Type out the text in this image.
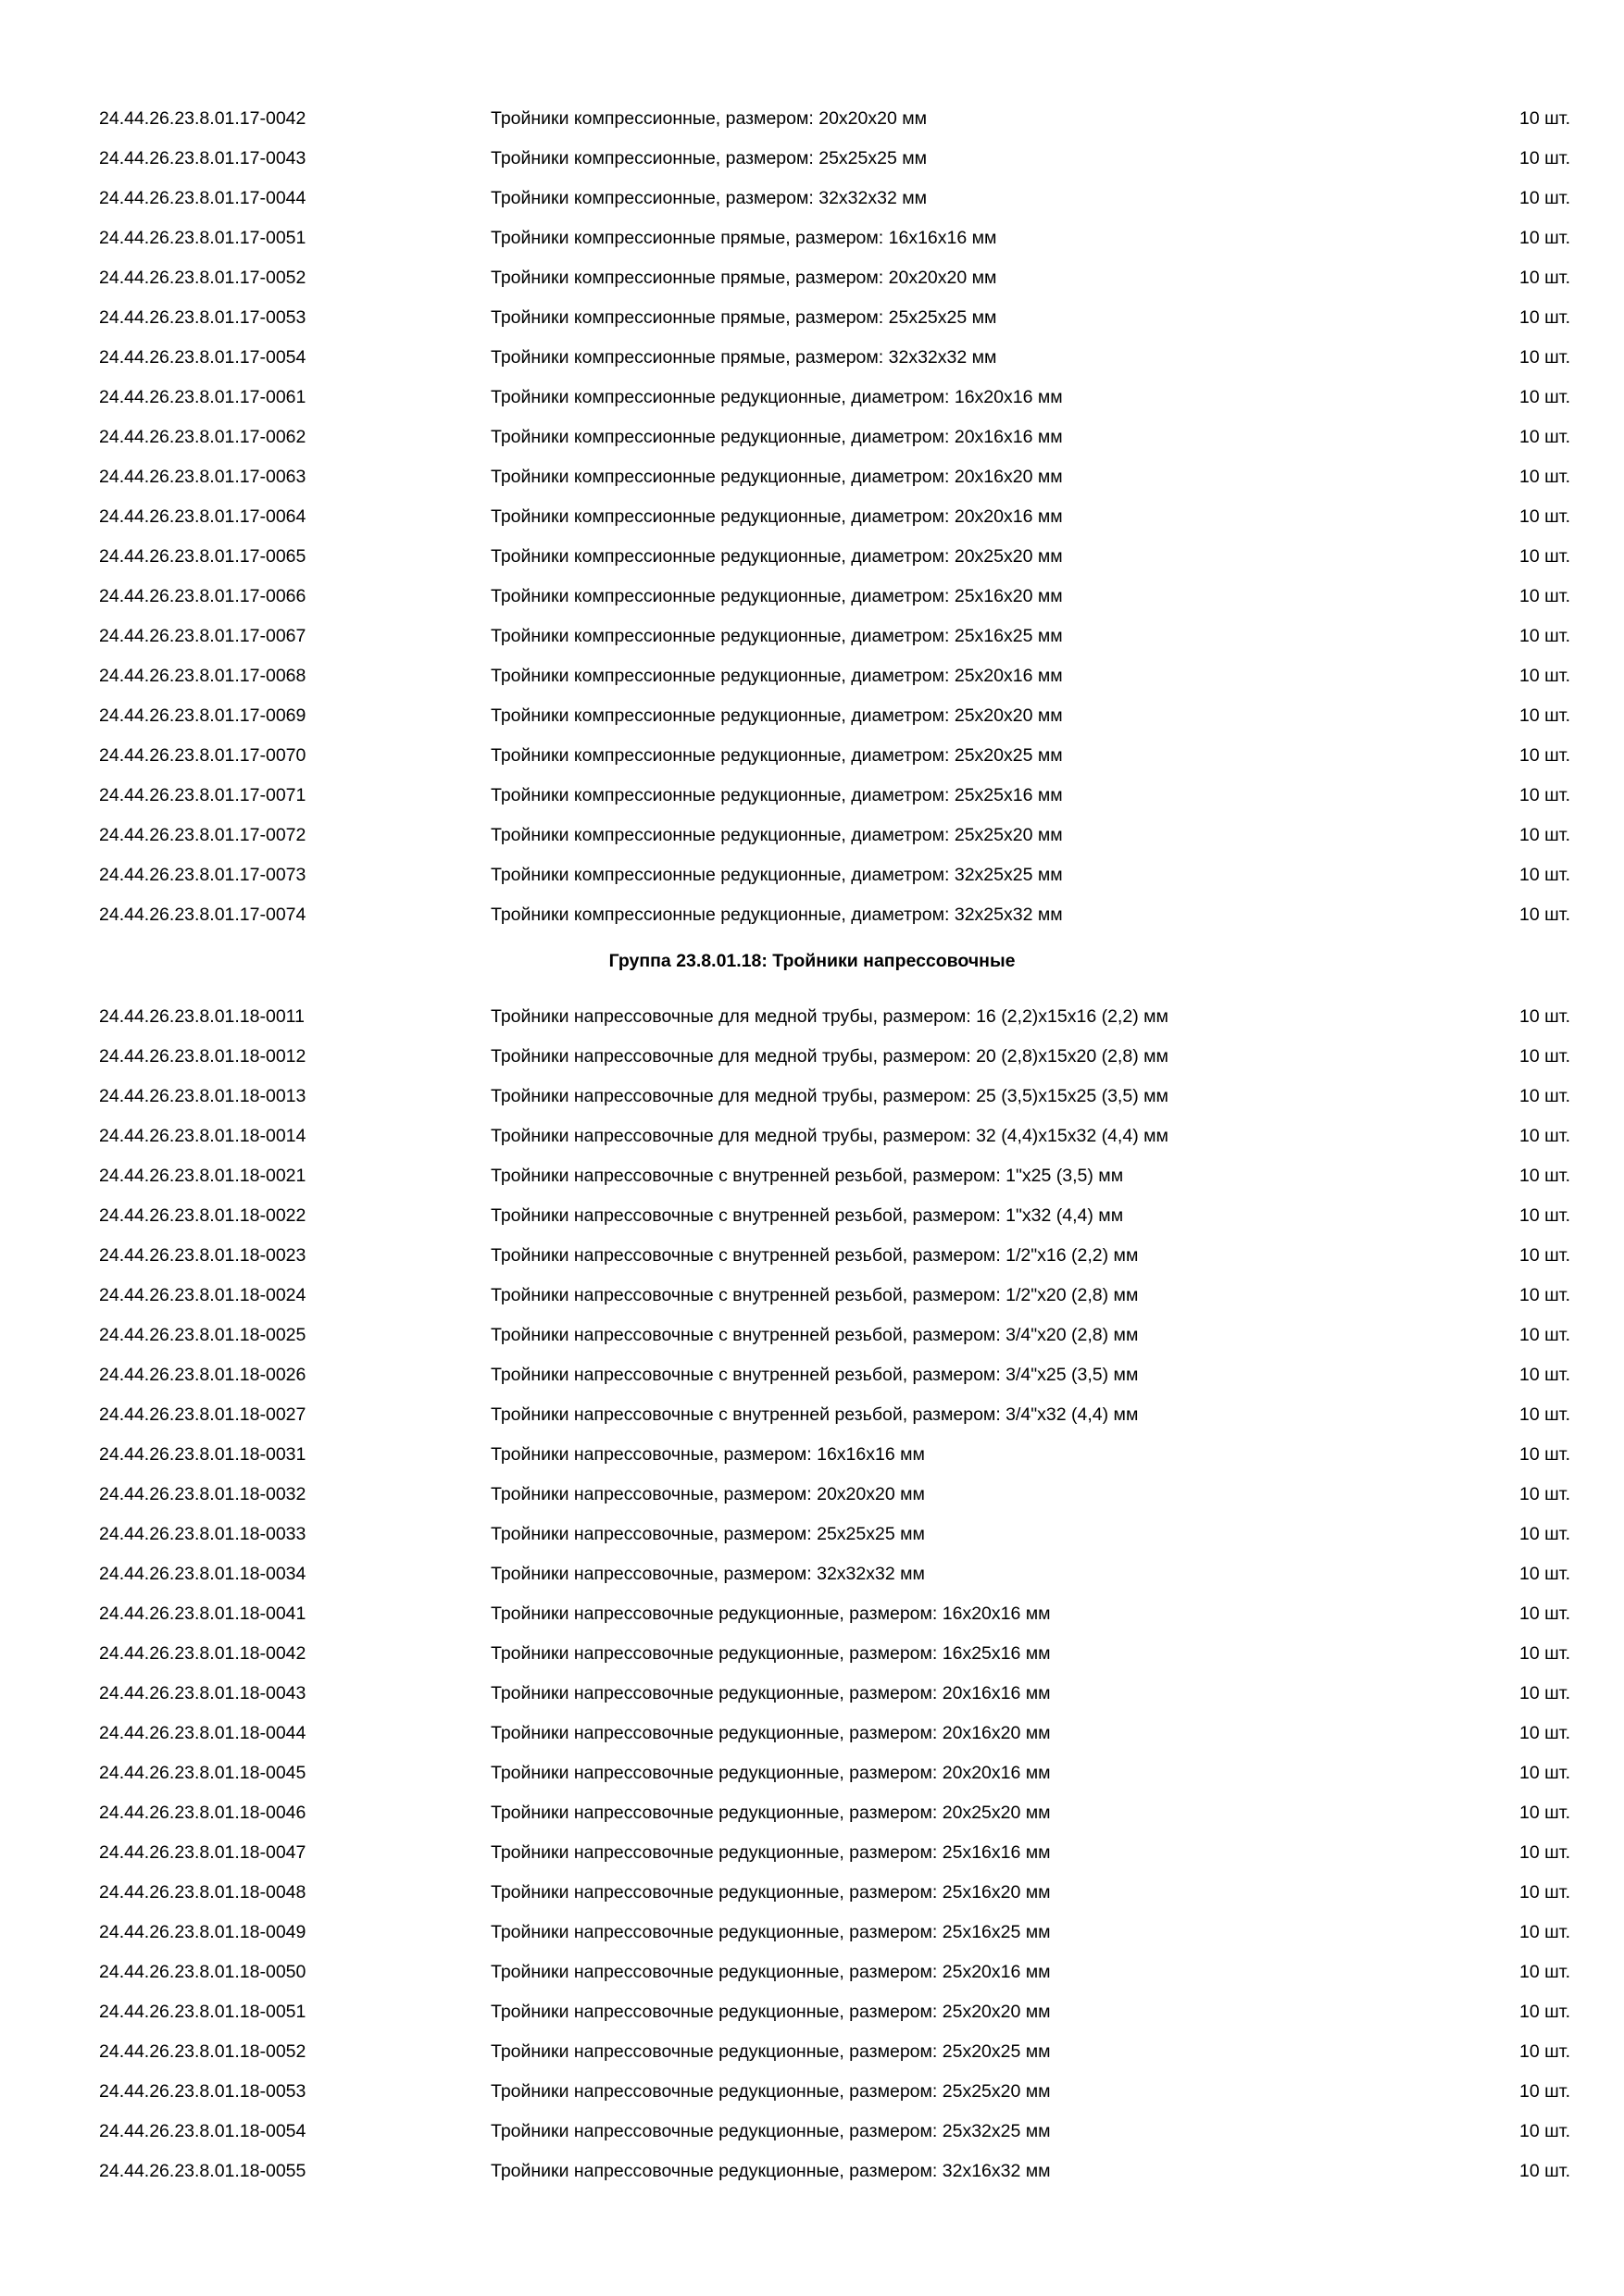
24.44.26.23.8.01.17-0042	Тройники компрессионные, размером: 20х20х20 мм	10 шт.
24.44.26.23.8.01.17-0043	Тройники компрессионные, размером: 25х25х25 мм	10 шт.
24.44.26.23.8.01.17-0044	Тройники компрессионные, размером: 32х32х32 мм	10 шт.
24.44.26.23.8.01.17-0051	Тройники компрессионные прямые, размером: 16х16х16 мм	10 шт.
24.44.26.23.8.01.17-0052	Тройники компрессионные прямые, размером: 20х20х20 мм	10 шт.
24.44.26.23.8.01.17-0053	Тройники компрессионные прямые, размером: 25х25х25 мм	10 шт.
24.44.26.23.8.01.17-0054	Тройники компрессионные прямые, размером: 32х32х32 мм	10 шт.
24.44.26.23.8.01.17-0061	Тройники компрессионные редукционные, диаметром: 16х20х16 мм	10 шт.
24.44.26.23.8.01.17-0062	Тройники компрессионные редукционные, диаметром: 20х16х16 мм	10 шт.
24.44.26.23.8.01.17-0063	Тройники компрессионные редукционные, диаметром: 20х16х20 мм	10 шт.
24.44.26.23.8.01.17-0064	Тройники компрессионные редукционные, диаметром: 20х20х16 мм	10 шт.
24.44.26.23.8.01.17-0065	Тройники компрессионные редукционные, диаметром: 20х25х20 мм	10 шт.
24.44.26.23.8.01.17-0066	Тройники компрессионные редукционные, диаметром: 25х16х20 мм	10 шт.
24.44.26.23.8.01.17-0067	Тройники компрессионные редукционные, диаметром: 25х16х25 мм	10 шт.
24.44.26.23.8.01.17-0068	Тройники компрессионные редукционные, диаметром: 25х20х16 мм	10 шт.
24.44.26.23.8.01.17-0069	Тройники компрессионные редукционные, диаметром: 25х20х20 мм	10 шт.
24.44.26.23.8.01.17-0070	Тройники компрессионные редукционные, диаметром: 25х20х25 мм	10 шт.
24.44.26.23.8.01.17-0071	Тройники компрессионные редукционные, диаметром: 25х25х16 мм	10 шт.
24.44.26.23.8.01.17-0072	Тройники компрессионные редукционные, диаметром: 25х25х20 мм	10 шт.
24.44.26.23.8.01.17-0073	Тройники компрессионные редукционные, диаметром: 32х25х25 мм	10 шт.
24.44.26.23.8.01.17-0074	Тройники компрессионные редукционные, диаметром: 32х25х32 мм	10 шт.
Группа 23.8.01.18: Тройники напрессовочные
24.44.26.23.8.01.18-0011	Тройники напрессовочные для медной трубы, размером: 16 (2,2)х15х16 (2,2) мм	10 шт.
24.44.26.23.8.01.18-0012	Тройники напрессовочные для медной трубы, размером: 20 (2,8)х15х20 (2,8) мм	10 шт.
24.44.26.23.8.01.18-0013	Тройники напрессовочные для медной трубы, размером: 25 (3,5)х15х25 (3,5) мм	10 шт.
24.44.26.23.8.01.18-0014	Тройники напрессовочные для медной трубы, размером: 32 (4,4)х15х32 (4,4) мм	10 шт.
24.44.26.23.8.01.18-0021	Тройники напрессовочные с внутренней резьбой, размером: 1"х25 (3,5) мм	10 шт.
24.44.26.23.8.01.18-0022	Тройники напрессовочные с внутренней резьбой, размером: 1"х32 (4,4) мм	10 шт.
24.44.26.23.8.01.18-0023	Тройники напрессовочные с внутренней резьбой, размером: 1/2"х16 (2,2) мм	10 шт.
24.44.26.23.8.01.18-0024	Тройники напрессовочные с внутренней резьбой, размером: 1/2"х20 (2,8) мм	10 шт.
24.44.26.23.8.01.18-0025	Тройники напрессовочные с внутренней резьбой, размером: 3/4"х20 (2,8) мм	10 шт.
24.44.26.23.8.01.18-0026	Тройники напрессовочные с внутренней резьбой, размером: 3/4"х25 (3,5) мм	10 шт.
24.44.26.23.8.01.18-0027	Тройники напрессовочные с внутренней резьбой, размером: 3/4"х32 (4,4) мм	10 шт.
24.44.26.23.8.01.18-0031	Тройники напрессовочные, размером: 16х16х16 мм	10 шт.
24.44.26.23.8.01.18-0032	Тройники напрессовочные, размером: 20х20х20 мм	10 шт.
24.44.26.23.8.01.18-0033	Тройники напрессовочные, размером: 25х25х25 мм	10 шт.
24.44.26.23.8.01.18-0034	Тройники напрессовочные, размером: 32х32х32 мм	10 шт.
24.44.26.23.8.01.18-0041	Тройники напрессовочные редукционные, размером: 16х20х16 мм	10 шт.
24.44.26.23.8.01.18-0042	Тройники напрессовочные редукционные, размером: 16х25х16 мм	10 шт.
24.44.26.23.8.01.18-0043	Тройники напрессовочные редукционные, размером: 20х16х16 мм	10 шт.
24.44.26.23.8.01.18-0044	Тройники напрессовочные редукционные, размером: 20х16х20 мм	10 шт.
24.44.26.23.8.01.18-0045	Тройники напрессовочные редукционные, размером: 20х20х16 мм	10 шт.
24.44.26.23.8.01.18-0046	Тройники напрессовочные редукционные, размером: 20х25х20 мм	10 шт.
24.44.26.23.8.01.18-0047	Тройники напрессовочные редукционные, размером: 25х16х16 мм	10 шт.
24.44.26.23.8.01.18-0048	Тройники напрессовочные редукционные, размером: 25х16х20 мм	10 шт.
24.44.26.23.8.01.18-0049	Тройники напрессовочные редукционные, размером: 25х16х25 мм	10 шт.
24.44.26.23.8.01.18-0050	Тройники напрессовочные редукционные, размером: 25х20х16 мм	10 шт.
24.44.26.23.8.01.18-0051	Тройники напрессовочные редукционные, размером: 25х20х20 мм	10 шт.
24.44.26.23.8.01.18-0052	Тройники напрессовочные редукционные, размером: 25х20х25 мм	10 шт.
24.44.26.23.8.01.18-0053	Тройники напрессовочные редукционные, размером: 25х25х20 мм	10 шт.
24.44.26.23.8.01.18-0054	Тройники напрессовочные редукционные, размером: 25х32х25 мм	10 шт.
24.44.26.23.8.01.18-0055	Тройники напрессовочные редукционные, размером: 32х16х32 мм	10 шт.
